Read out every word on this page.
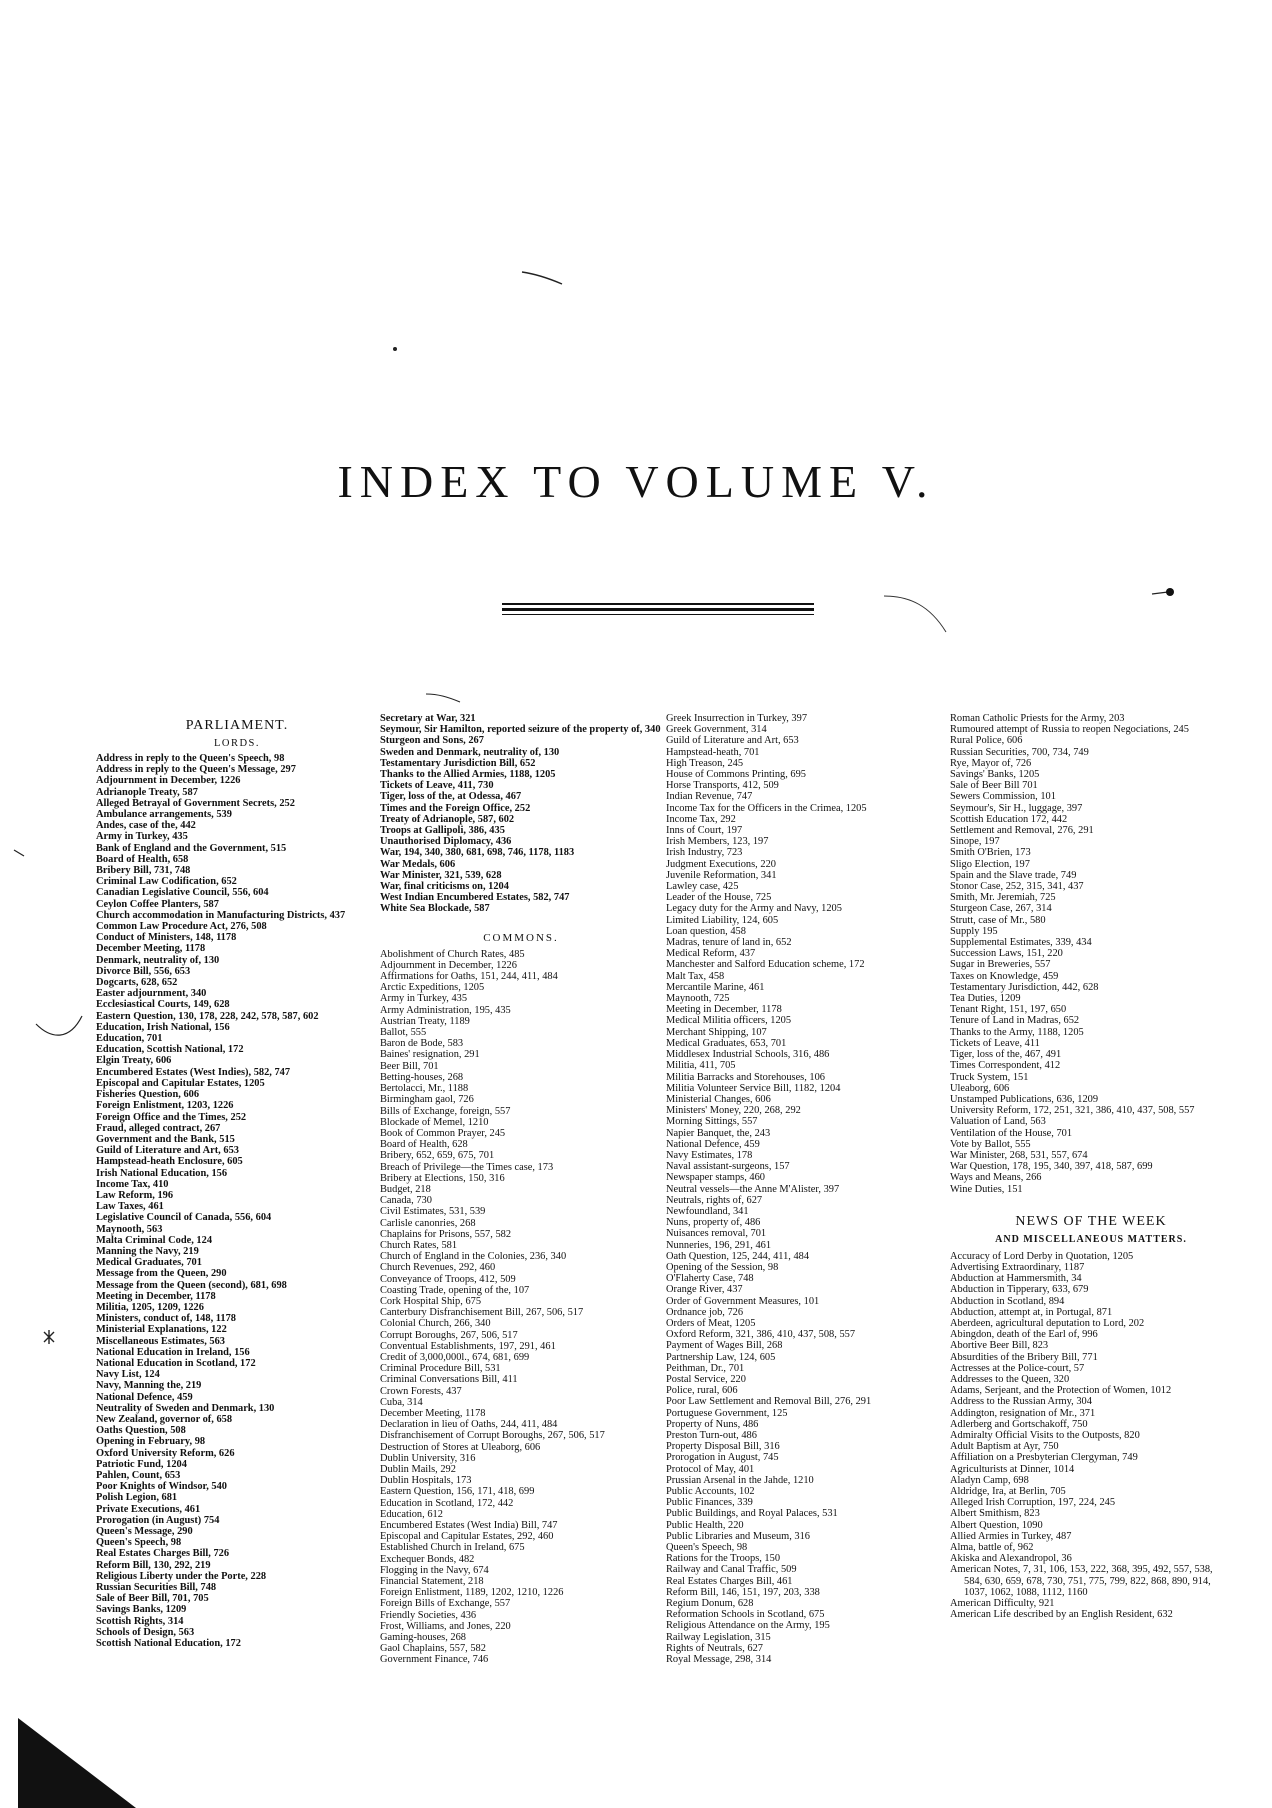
INDEX TO VOLUME V.
PARLIAMENT.
LORDS.
Address in reply to the Queen's Speech, 98
Address in reply to the Queen's Message, 297
Adjournment in December, 1226
Adrianople Treaty, 587
Alleged Betrayal of Government Secrets, 252
Ambulance arrangements, 539
Andes, case of the, 442
Army in Turkey, 435
Bank of England and the Government, 515
Board of Health, 658
Bribery Bill, 731, 748
Criminal Law Codification, 652
Canadian Legislative Council, 556, 604
Ceylon Coffee Planters, 587
Church accommodation in Manufacturing Districts, 437
Common Law Procedure Act, 276, 508
Conduct of Ministers, 148, 1178
December Meeting, 1178
Denmark, neutrality of, 130
Divorce Bill, 556, 653
Dogcarts, 628, 652
Easter adjournment, 340
Ecclesiastical Courts, 149, 628
Eastern Question, 130, 178, 228, 242, 578, 587, 602
Education, Irish National, 156
Education, 701
Education, Scottish National, 172
Elgin Treaty, 606
Encumbered Estates (West Indies), 582, 747
Episcopal and Capitular Estates, 1205
Fisheries Question, 606
Foreign Enlistment, 1203, 1226
Foreign Office and the Times, 252
Fraud, alleged contract, 267
Government and the Bank, 515
Guild of Literature and Art, 653
Hampstead-heath Enclosure, 605
Irish National Education, 156
Income Tax, 410
Law Reform, 196
Law Taxes, 461
Legislative Council of Canada, 556, 604
Maynooth, 563
Malta Criminal Code, 124
Manning the Navy, 219
Medical Graduates, 701
Message from the Queen, 290
Message from the Queen (second), 681, 698
Meeting in December, 1178
Militia, 1205, 1209, 1226
Ministers, conduct of, 148, 1178
Ministerial Explanations, 122
Miscellaneous Estimates, 563
National Education in Ireland, 156
National Education in Scotland, 172
Navy List, 124
Navy, Manning the, 219
National Defence, 459
Neutrality of Sweden and Denmark, 130
New Zealand, governor of, 658
Oaths Question, 508
Opening in February, 98
Oxford University Reform, 626
Patriotic Fund, 1204
Pahlen, Count, 653
Poor Knights of Windsor, 540
Polish Legion, 681
Private Executions, 461
Prorogation (in August) 754
Queen's Message, 290
Queen's Speech, 98
Real Estates Charges Bill, 726
Reform Bill, 130, 292, 219
Religious Liberty under the Porte, 228
Russian Securities Bill, 748
Sale of Beer Bill, 701, 705
Savings Banks, 1209
Scottish Rights, 314
Schools of Design, 563
Scottish National Education, 172
Secretary at War, 321
Seymour, Sir Hamilton, reported seizure of the property of, 340
Sturgeon and Sons, 267
Sweden and Denmark, neutrality of, 130
Testamentary Jurisdiction Bill, 652
Thanks to the Allied Armies, 1188, 1205
Tickets of Leave, 411, 730
Tiger, loss of the, at Odessa, 467
Times and the Foreign Office, 252
Treaty of Adrianople, 587, 602
Troops at Gallipoli, 386, 435
Unauthorised Diplomacy, 436
War, 194, 340, 380, 681, 698, 746, 1178, 1183
War Medals, 606
War Minister, 321, 539, 628
War, final criticisms on, 1204
West Indian Encumbered Estates, 582, 747
White Sea Blockade, 587
COMMONS.
Abolishment of Church Rates, 485
Adjournment in December, 1226
Affirmations for Oaths, 151, 244, 411, 484
Arctic Expeditions, 1205
Army in Turkey, 435
Army Administration, 195, 435
Austrian Treaty, 1189
Ballot, 555
Baron de Bode, 583
Baines' resignation, 291
Beer Bill, 701
Betting-houses, 268
Bertolacci, Mr., 1188
Birmingham gaol, 726
Bills of Exchange, foreign, 557
Blockade of Memel, 1210
Book of Common Prayer, 245
Board of Health, 628
Bribery, 652, 659, 675, 701
Breach of Privilege—the Times case, 173
Bribery at Elections, 150, 316
Budget, 218
Canada, 730
Civil Estimates, 531, 539
Carlisle canonries, 268
Chaplains for Prisons, 557, 582
Church Rates, 581
Church of England in the Colonies, 236, 340
Church Revenues, 292, 460
Conveyance of Troops, 412, 509
Coasting Trade, opening of the, 107
Cork Hospital Ship, 675
Canterbury Disfranchisement Bill, 267, 506, 517
Colonial Church, 266, 340
Corrupt Boroughs, 267, 506, 517
Conventual Establishments, 197, 291, 461
Credit of 3,000,000l., 674, 681, 699
Criminal Procedure Bill, 531
Criminal Conversations Bill, 411
Crown Forests, 437
Cuba, 314
December Meeting, 1178
Declaration in lieu of Oaths, 244, 411, 484
Disfranchisement of Corrupt Boroughs, 267, 506, 517
Destruction of Stores at Uleaborg, 606
Dublin University, 316
Dublin Mails, 292
Dublin Hospitals, 173
Eastern Question, 156, 171, 418, 699
Education in Scotland, 172, 442
Education, 612
Encumbered Estates (West India) Bill, 747
Episcopal and Capitular Estates, 292, 460
Established Church in Ireland, 675
Exchequer Bonds, 482
Flogging in the Navy, 674
Financial Statement, 218
Foreign Enlistment, 1189, 1202, 1210, 1226
Foreign Bills of Exchange, 557
Friendly Societies, 436
Frost, Williams, and Jones, 220
Gaming-houses, 268
Gaol Chaplains, 557, 582
Government Finance, 746
Greek Insurrection in Turkey, 397
Greek Government, 314
Guild of Literature and Art, 653
Hampstead-heath, 701
High Treason, 245
House of Commons Printing, 695
Horse Transports, 412, 509
Indian Revenue, 747
Income Tax for the Officers in the Crimea, 1205
Income Tax, 292
Inns of Court, 197
Irish Members, 123, 197
Irish Industry, 723
Judgment Executions, 220
Juvenile Reformation, 341
Lawley case, 425
Leader of the House, 725
Legacy duty for the Army and Navy, 1205
Limited Liability, 124, 605
Loan question, 458
Madras, tenure of land in, 652
Medical Reform, 437
Manchester and Salford Education scheme, 172
Malt Tax, 458
Mercantile Marine, 461
Maynooth, 725
Meeting in December, 1178
Medical Militia officers, 1205
Merchant Shipping, 107
Medical Graduates, 653, 701
Middlesex Industrial Schools, 316, 486
Militia, 411, 705
Militia Barracks and Storehouses, 106
Militia Volunteer Service Bill, 1182, 1204
Ministerial Changes, 606
Ministers' Money, 220, 268, 292
Morning Sittings, 557
Napier Banquet, the, 243
National Defence, 459
Navy Estimates, 178
Naval assistant-surgeons, 157
Newspaper stamps, 460
Neutral vessels—the Anne M'Alister, 397
Neutrals, rights of, 627
Newfoundland, 341
Nuns, property of, 486
Nuisances removal, 701
Nunneries, 196, 291, 461
Oath Question, 125, 244, 411, 484
Opening of the Session, 98
O'Flaherty Case, 748
Orange River, 437
Order of Government Measures, 101
Ordnance job, 726
Orders of Meat, 1205
Oxford Reform, 321, 386, 410, 437, 508, 557
Payment of Wages Bill, 268
Partnership Law, 124, 605
Peithman, Dr., 701
Postal Service, 220
Police, rural, 606
Poor Law Settlement and Removal Bill, 276, 291
Portuguese Government, 125
Property of Nuns, 486
Preston Turn-out, 486
Property Disposal Bill, 316
Prorogation in August, 745
Protocol of May, 401
Prussian Arsenal in the Jahde, 1210
Public Accounts, 102
Public Finances, 339
Public Buildings, and Royal Palaces, 531
Public Health, 220
Public Libraries and Museum, 316
Queen's Speech, 98
Rations for the Troops, 150
Railway and Canal Traffic, 509
Real Estates Charges Bill, 461
Reform Bill, 146, 151, 197, 203, 338
Regium Donum, 628
Reformation Schools in Scotland, 675
Religious Attendance on the Army, 195
Railway Legislation, 315
Rights of Neutrals, 627
Royal Message, 298, 314
Roman Catholic Priests for the Army, 203
Rumoured attempt of Russia to reopen Negociations, 245
Rural Police, 606
Russian Securities, 700, 734, 749
Rye, Mayor of, 726
Savings' Banks, 1205
Sale of Beer Bill 701
Sewers Commission, 101
Seymour's, Sir H., luggage, 397
Scottish Education 172, 442
Settlement and Removal, 276, 291
Sinope, 197
Smith O'Brien, 173
Sligo Election, 197
Spain and the Slave trade, 749
Stonor Case, 252, 315, 341, 437
Smith, Mr. Jeremiah, 725
Sturgeon Case, 267, 314
Strutt, case of Mr., 580
Supply 195
Supplemental Estimates, 339, 434
Succession Laws, 151, 220
Sugar in Breweries, 557
Taxes on Knowledge, 459
Testamentary Jurisdiction, 442, 628
Tea Duties, 1209
Tenant Right, 151, 197, 650
Tenure of Land in Madras, 652
Thanks to the Army, 1188, 1205
Tickets of Leave, 411
Tiger, loss of the, 467, 491
Times Correspondent, 412
Truck System, 151
Uleaborg, 606
Unstamped Publications, 636, 1209
University Reform, 172, 251, 321, 386, 410, 437, 508, 557
Valuation of Land, 563
Ventilation of the House, 701
Vote by Ballot, 555
War Minister, 268, 531, 557, 674
War Question, 178, 195, 340, 397, 418, 587, 699
Ways and Means, 266
Wine Duties, 151
NEWS OF THE WEEK
AND MISCELLANEOUS MATTERS.
Accuracy of Lord Derby in Quotation, 1205
Advertising Extraordinary, 1187
Abduction at Hammersmith, 34
Abduction in Tipperary, 633, 679
Abduction in Scotland, 894
Abduction, attempt at, in Portugal, 871
Aberdeen, agricultural deputation to Lord, 202
Abingdon, death of the Earl of, 996
Abortive Beer Bill, 823
Absurdities of the Bribery Bill, 771
Actresses at the Police-court, 57
Addresses to the Queen, 320
Adams, Serjeant, and the Protection of Women, 1012
Address to the Russian Army, 304
Addington, resignation of Mr., 371
Adlerberg and Gortschakoff, 750
Admiralty Official Visits to the Outposts, 820
Adult Baptism at Ayr, 750
Affiliation on a Presbyterian Clergyman, 749
Agriculturists at Dinner, 1014
Aladyn Camp, 698
Aldridge, Ira, at Berlin, 705
Alleged Irish Corruption, 197, 224, 245
Albert Smithism, 823
Albert Question, 1090
Allied Armies in Turkey, 487
Alma, battle of, 962
Akiska and Alexandropol, 36
American Notes, 7, 31, 106, 153, 222, 368, 395, 492, 557, 538, 584, 630, 659, 678, 730, 751, 775, 799, 822, 868, 890, 914, 1037, 1062, 1088, 1112, 1160
American Difficulty, 921
American Life described by an English Resident, 632
